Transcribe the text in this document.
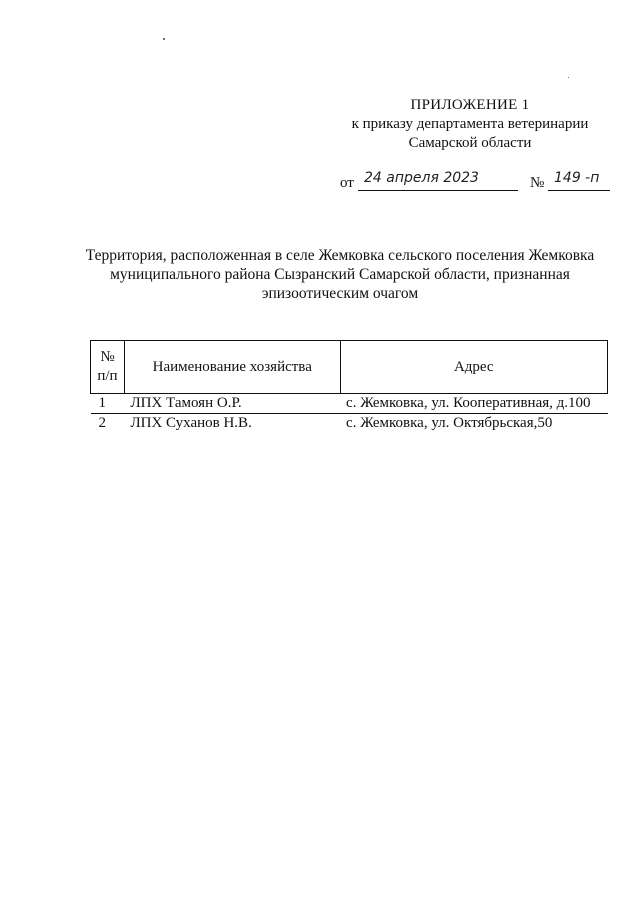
ПРИЛОЖЕНИЕ 1
к приказу департамента ветеринарии
Самарской области
от 24 апреля 2023	№ 149 -п
Территория, расположенная в селе Жемковка сельского поселения Жемковка
муниципального района Сызранский Самарской области, признанная
эпизоотическим очагом
№
п/п	Наименование хозяйства	Адрес
1	ЛПХ Тамоян О.Р.	с. Жемковка, ул. Кооперативная, д.100
2	ЛПХ Суханов Н.В.	с. Жемковка, ул. Октябрьская,50
